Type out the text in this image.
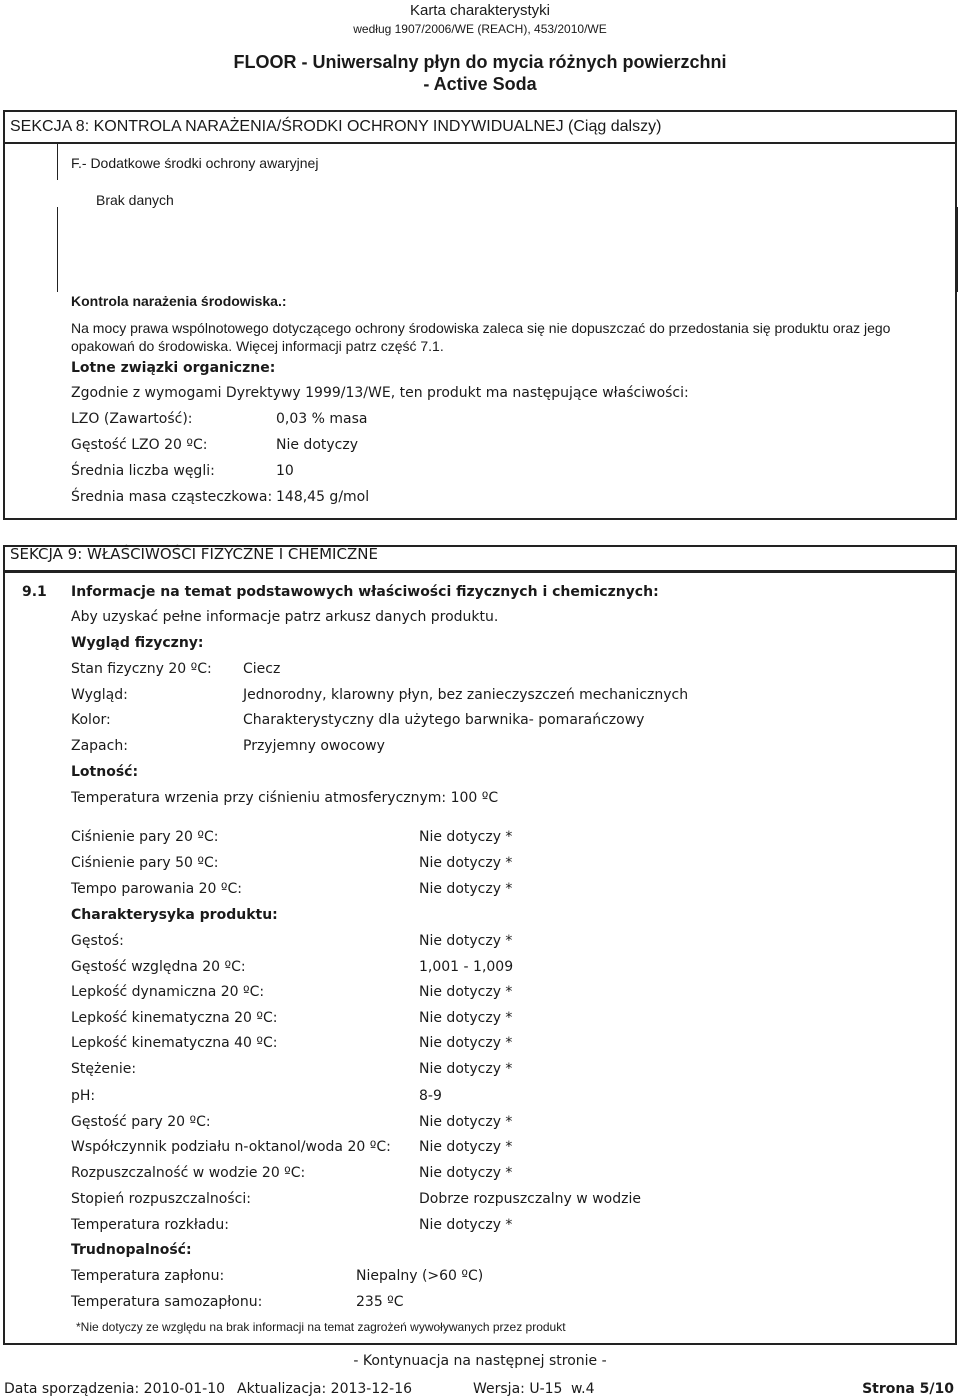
Karta charakterystyki
według 1907/2006/WE (REACH), 453/2010/WE
FLOOR - Uniwersalny płyn do mycia różnych powierzchni
- Active Soda
SEKCJA 8: KONTROLA NARAŻENIA/ŚRODKI OCHRONY INDYWIDUALNEJ (Ciąg dalszy)
F.- Dodatkowe środki ochrony awaryjnej
Brak danych
Kontrola narażenia środowiska.:
Na mocy prawa wspólnotowego dotyczącego ochrony środowiska zaleca się nie dopuszczać do przedostania się produktu oraz jego
opakowań do środowiska. Więcej informacji patrz część 7.1.
Lotne związki organiczne:
Zgodnie z wymogami Dyrektywy 1999/13/WE, ten produkt ma następujące właściwości:
LZO (Zawartość):	0,03 % masa
Gęstość LZO 20 ºC:	Nie dotyczy
Średnia liczba węgli:	10
Średnia masa cząsteczkowa: 148,45 g/mol
SEKCJA 9: WŁAŚCIWOŚCI FIZYCZNE I CHEMICZNE
9.1 Informacje na temat podstawowych właściwości fizycznych i chemicznych:
Aby uzyskać pełne informacje patrz arkusz danych produktu.
Wygląd fizyczny:
Stan fizyczny 20 ºC: Ciecz
Wygląd:	Jednorodny, klarowny płyn, bez zanieczyszczeń mechanicznych
Kolor:	Charakterystyczny dla użytego barwnika- pomarańczowy
Zapach:	Przyjemny owocowy
Lotność:
Temperatura wrzenia przy ciśnieniu atmosferycznym: 100 ºC
Ciśnienie pary 20 ºC:	Nie dotyczy *
Ciśnienie pary 50 ºC:	Nie dotyczy *
Tempo parowania 20 ºC:	Nie dotyczy *
Charakterysyka produktu:
Gęstoś:	Nie dotyczy *
Gęstość względna 20 ºC:	1,001 - 1,009
Lepkość dynamiczna 20 ºC:	Nie dotyczy *
Lepkość kinematyczna 20 ºC:	Nie dotyczy *
Lepkość kinematyczna 40 ºC:	Nie dotyczy *
Stężenie:	Nie dotyczy *
pH:	8-9
Gęstość pary 20 ºC:	Nie dotyczy *
Współczynnik podziału n-oktanol/woda 20 ºC: Nie dotyczy *
Rozpuszczalność w wodzie 20 ºC:	Nie dotyczy *
Stopień rozpuszczalności:	Dobrze rozpuszczalny w wodzie
Temperatura rozkładu:	Nie dotyczy *
Trudnopalność:
Temperatura zapłonu:	Niepalny (>60 ºC)
Temperatura samozapłonu:	235 ºC
*Nie dotyczy ze względu na brak informacji na temat zagrożeń wywoływanych przez produkt
- Kontynuacja na następnej stronie -
Data sporządzenia: 2010-01-10 Aktualizacja: 2013-12-16	Wersja: U-15 w.4	Strona 5/10
